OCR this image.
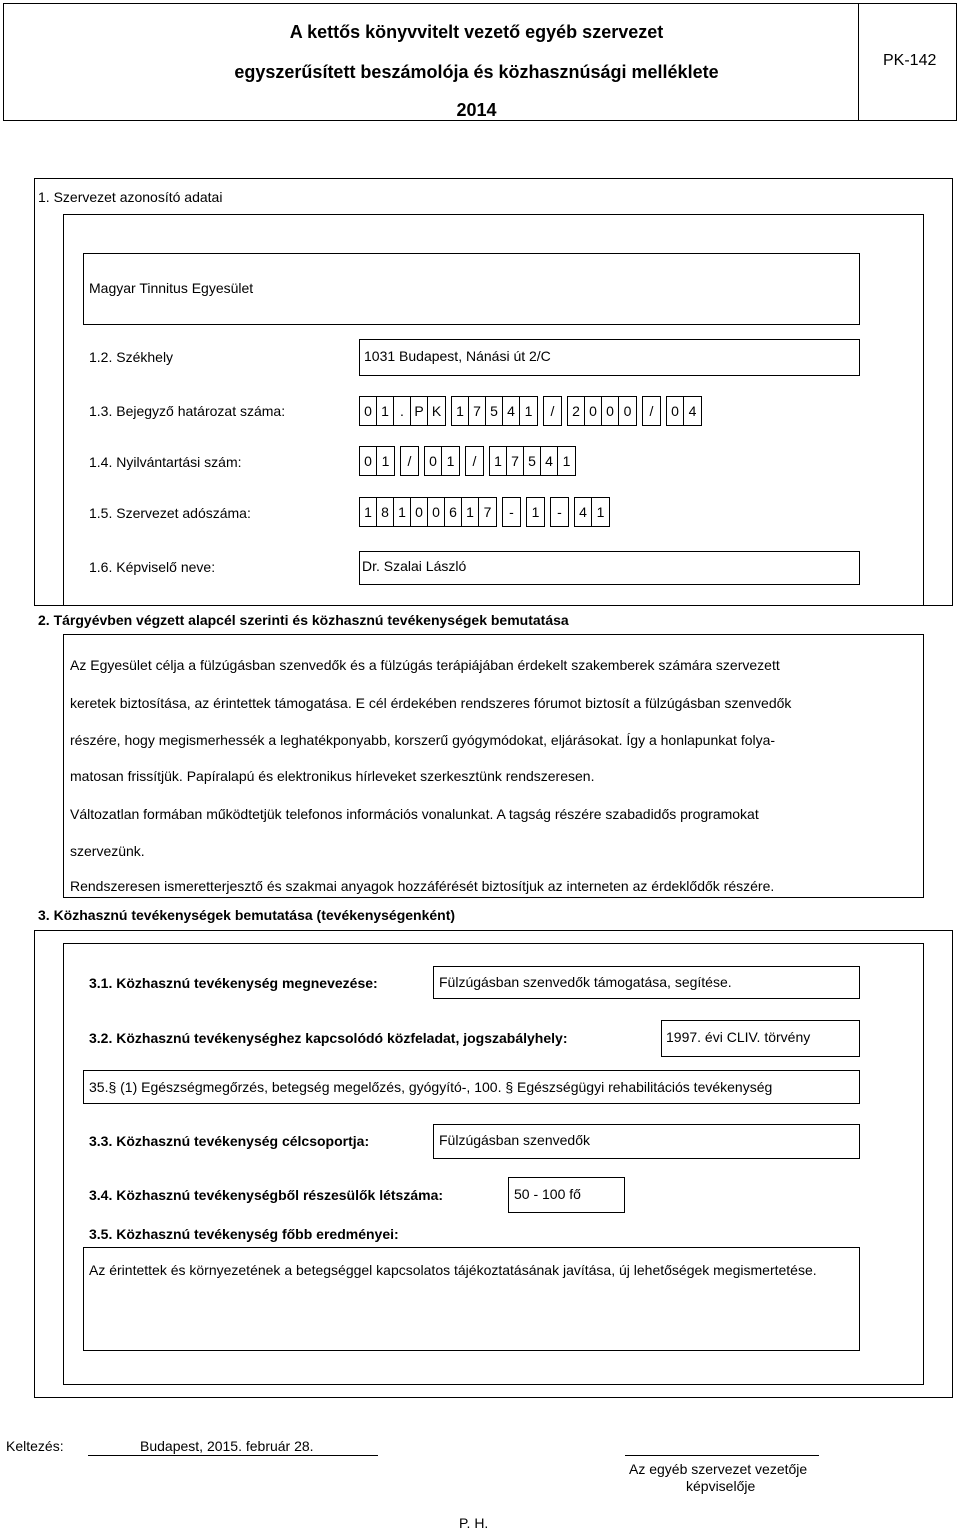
A kettős könyvvitelt vezető egyéb szervezet
egyszerűsített beszámolója és közhasznúsági melléklete
2014
PK-142
1. Szervezet azonosító adatai
Magyar Tinnitus Egyesület
1.2. Székhely	1031 Budapest, Nánási út 2/C
1.3. Bejegyző határozat száma:	0 1 . P K 1 7 5 4 1	/	2 0 0 0	/	0 4
1.4. Nyilvántartási szám:	0 1	/	0 1	/	1 7 5 4 1
1.5. Szervezet adószáma:	1 8 1 0 0 6 1 7	-	1	-	4 1
1.6. Képviselő neve:	Dr. Szalai László
2. Tárgyévben végzett alapcél szerinti és közhasznú tevékenységek bemutatása
Az Egyesület célja a fülzúgásban szenvedők és a fülzúgás terápiájában érdekelt szakemberek számára szervezett
keretek biztosítása, az érintettek támogatása. E cél érdekében rendszeres fórumot biztosít a fülzúgásban szenvedők
részére, hogy megismerhessék a leghatékponyabb, korszerű gyógymódokat, eljárásokat. Így a honlapunkat folya-
matosan frissítjük. Papíralapú és elektronikus hírleveket szerkesztünk rendszeresen.
Változatlan formában működtetjük telefonos információs vonalunkat. A tagság részére szabadidős programokat
szervezünk.
Rendszeresen ismeretterjesztő és szakmai anyagok hozzáférését biztosítjuk az interneten az érdeklődők részére.
3. Közhasznú tevékenységek bemutatása (tevékenységenként)
3.1. Közhasznú tevékenység megnevezése:	Fülzúgásban szenvedők támogatása, segítése.
3.2. Közhasznú tevékenységhez kapcsolódó közfeladat, jogszabályhely:	1997. évi CLIV. törvény
35.§ (1) Egészségmegőrzés, betegség megelőzés, gyógyító-, 100. § Egészségügyi rehabilitációs tevékenység
3.3. Közhasznú tevékenység célcsoportja:	Fülzúgásban szenvedők
3.4. Közhasznú tevékenységből részesülők létszáma:	50 - 100 fő
3.5. Közhasznú tevékenység főbb eredményei:
Az érintettek és környezetének a betegséggel kapcsolatos tájékoztatásának javítása, új lehetőségek megismertetése.
Keltezés:	Budapest, 2015. február 28.
Az egyéb szervezet vezetője
képviselője
P. H.
